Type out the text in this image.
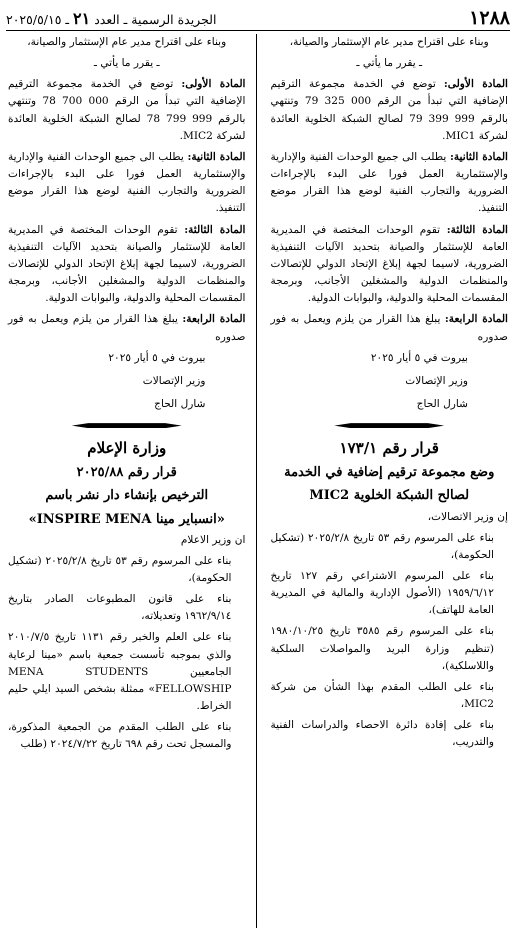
١٢٨٨
الجريدة الرسمية ـ العدد ٢١ ـ ٢٠٢٥/٥/١٥

وبناء على اقتراح مدير عام الإستثمار والصيانة،

ـ يقرر ما يأتي ـ

المادة الأولى: توضع في الخدمة مجموعة الترقيم الإضافية التي تبدأ من الرقم 000 325 79 وتنتهي بالرقم 999 399 79 لصالح الشبكة الخلوية العائدة لشركة MIC1.

المادة الثانية: يطلب الى جميع الوحدات الفنية والإدارية والإستثمارية العمل فورا على البدء بالإجراءات الضرورية والتجارب الفنية لوضع هذا القرار موضع التنفيذ.

المادة الثالثة: تقوم الوحدات المختصة في المديرية العامة للإستثمار والصيانة بتحديد الآليات التنفيذية الضرورية، لاسيما لجهة إبلاغ الإتحاد الدولي للإتصالات والمنظمات الدولية والمشغلين الأجانب، وبرمجة المقسمات المحلية والدولية، والبوابات الدولية.

المادة الرابعة: يبلغ هذا القرار من يلزم ويعمل به فور صدوره

بيروت في ٥ أيار ٢٠٢٥

وزير الإتصالات

شارل الحاج

قرار رقم ١٧٣/١

وضع مجموعة ترقيم إضافية في الخدمة

لصالح الشبكة الخلوية MIC2

إن وزير الاتصالات،

بناء على المرسوم رقم ٥٣ تاريخ ٢٠٢٥/٢/٨ (تشكيل الحكومة)،

بناء على المرسوم الاشتراعي رقم ١٢٧ تاريخ ١٩٥٩/٦/١٢ (الأصول الإدارية والمالية في المديرية العامة للهاتف)،

بناء على المرسوم رقم ٣٥٨٥ تاريخ ١٩٨٠/١٠/٢٥ (تنظيم وزارة البريد والمواصلات السلكية واللاسلكية)،

بناء على الطلب المقدم بهذا الشأن من شركة MIC2،

بناء على إفادة دائرة الاحصاء والدراسات الفنية والتدريب،

وبناء على اقتراح مدير عام الإستثمار والصيانة،

ـ يقرر ما يأتي ـ

المادة الأولى: توضع في الخدمة مجموعة الترقيم الإضافية التي تبدأ من الرقم 000 700 78 وتنتهي بالرقم 999 799 78 لصالح الشبكة الخلوية العائدة لشركة MIC2.

المادة الثانية: يطلب الى جميع الوحدات الفنية والإدارية والإستثمارية العمل فورا على البدء بالإجراءات الضرورية والتجارب الفنية لوضع هذا القرار موضع التنفيذ.

المادة الثالثة: تقوم الوحدات المختصة في المديرية العامة للإستثمار والصيانة بتحديد الآليات التنفيذية الضرورية، لاسيما لجهة إبلاغ الإتحاد الدولي للإتصالات والمنظمات الدولية والمشغلين الأجانب، وبرمجة المقسمات المحلية والدولية، والبوابات الدولية.

المادة الرابعة: يبلغ هذا القرار من يلزم ويعمل به فور صدوره

بيروت في ٥ أيار ٢٠٢٥

وزير الإتصالات

شارل الحاج

وزارة الإعلام

قرار رقم ٢٠٢٥/٨٨

الترخيص بإنشاء دار نشر باسم

«انسباير مينا INSPIRE MENA»

ان وزير الاعلام

بناء على المرسوم رقم ٥٣ تاريخ ٢٠٢٥/٢/٨ (تشكيل الحكومة)،

بناء على قانون المطبوعات الصادر بتاريخ ١٩٦٢/٩/١٤ وتعديلاته،

بناء على العلم والخبر رقم ١١٣١ تاريخ ٢٠١٠/٧/٥ والذي بموجبه تأسست جمعية باسم «مينا لرعاية الجامعيين MENA STUDENTS FELLOWSHIP» ممثلة بشخص السيد ايلي حليم الخراط.

بناء على الطلب المقدم من الجمعية المذكورة، والمسجل تحت رقم ٦٩٨ تاريخ ٢٠٢٤/٧/٢٢ (طلب
